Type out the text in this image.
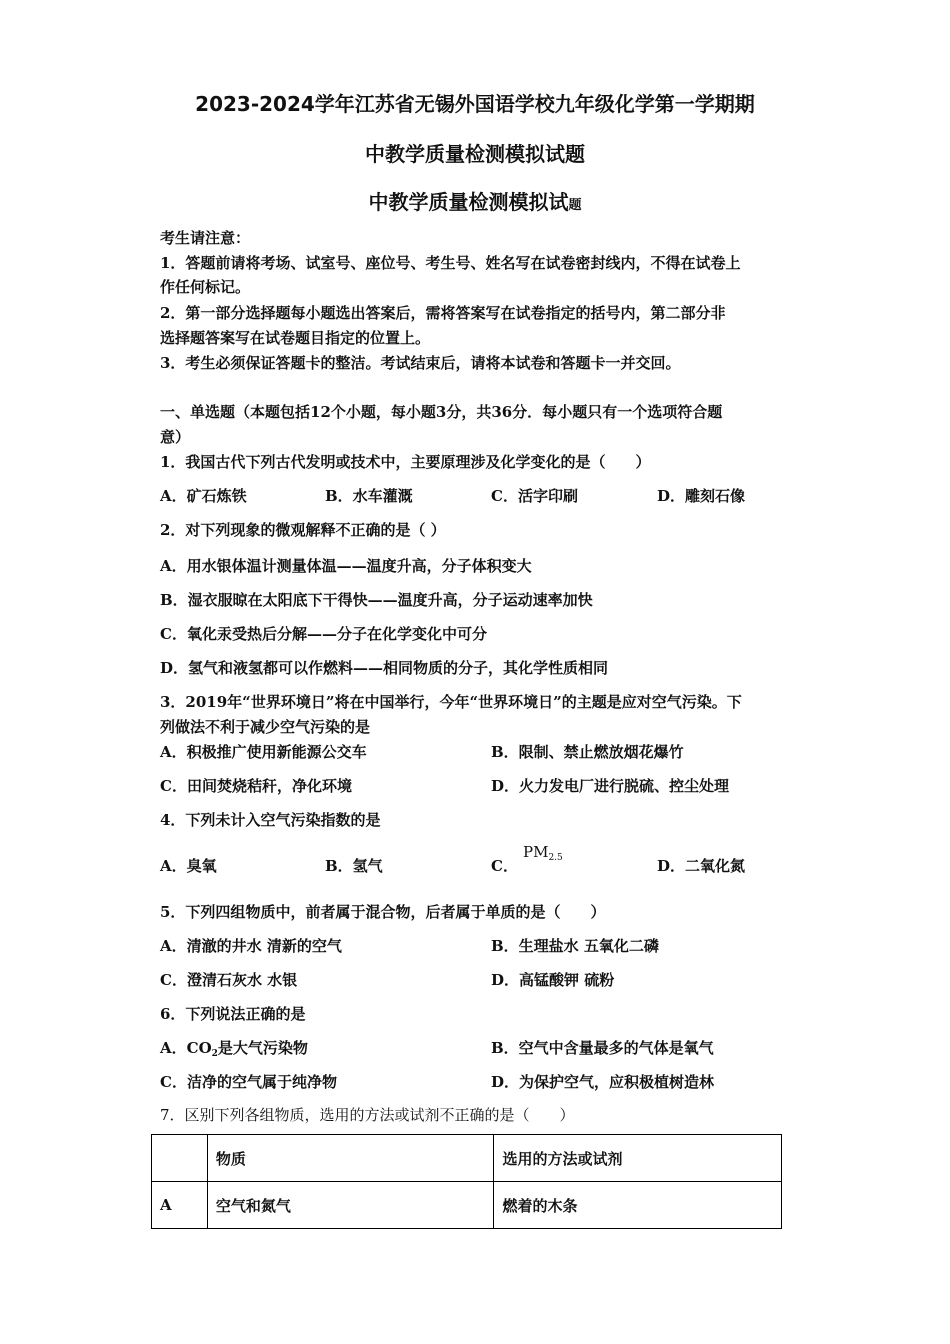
2023-2024学年江苏省无锡外国语学校九年级化学第一学期期
中教学质量检测模拟试题
中教学质量检测模拟试题
考生请注意：
1．答题前请将考场、试室号、座位号、考生号、姓名写在试卷密封线内，不得在试卷上
作任何标记。
2．第一部分选择题每小题选出答案后，需将答案写在试卷指定的括号内，第二部分非
选择题答案写在试卷题目指定的位置上。
3．考生必须保证答题卡的整洁。考试结束后，请将本试卷和答题卡一并交回。
一、单选题（本题包括12个小题，每小题3分，共36分．每小题只有一个选项符合题
意）
1．我国古代下列古代发明或技术中，主要原理涉及化学变化的是（　　）
A．矿石炼铁	B．水车灌溉	C．活字印刷	D．雕刻石像
2．对下列现象的微观解释不正确的是（ ）
A．用水银体温计测量体温——温度升高，分子体积变大
B．湿衣服晾在太阳底下干得快——温度升高，分子运动速率加快
C．氧化汞受热后分解——分子在化学变化中可分
D．氢气和液氢都可以作燃料——相同物质的分子，其化学性质相同
3．2019年“世界环境日”将在中国举行，今年“世界环境日”的主题是应对空气污染。下
列做法不利于减少空气污染的是
A．积极推广使用新能源公交车	B．限制、禁止燃放烟花爆竹
C．田间焚烧秸秆，净化环境	D．火力发电厂进行脱硫、控尘处理
4．下列未计入空气污染指数的是
A．臭氧	B．氢气	C．
$PM_{2.5}$	D．二氧化氮
5．下列四组物质中，前者属于混合物，后者属于单质的是（　　）
A．清澈的井水 清新的空气	B．生理盐水 五氧化二磷
C．澄清石灰水 水银	D．高锰酸钾 硫粉
6．下列说法正确的是
A．$CO_2$是大气污染物	B．空气中含量最多的气体是氧气
C．洁净的空气属于纯净物	D．为保护空气，应积极植树造林
7．区别下列各组物质，选用的方法或试剂不正确的是（　　）
	物质	选用的方法或试剂
A	空气和氮气	燃着的木条
